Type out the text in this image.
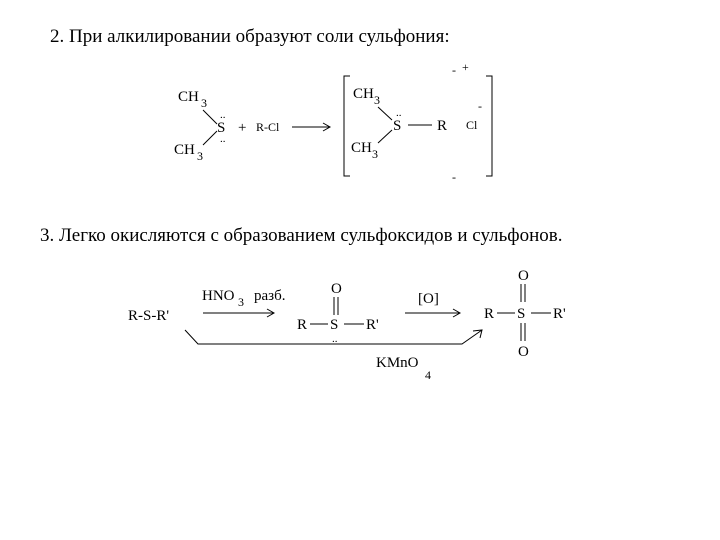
2. При алкилировании образуют соли сульфония:
3. Легко окисляются с образованием сульфоксидов и сульфонов.
CH 3
CH 3
S
..
..
+ R-Cl
CH 3
CH 3
S
..
R Cl
-
- +
-
R-S-R'
HNO 3 разб.	O
R S
..
R'
[O]
O
R S R'
O
KMnO
4
